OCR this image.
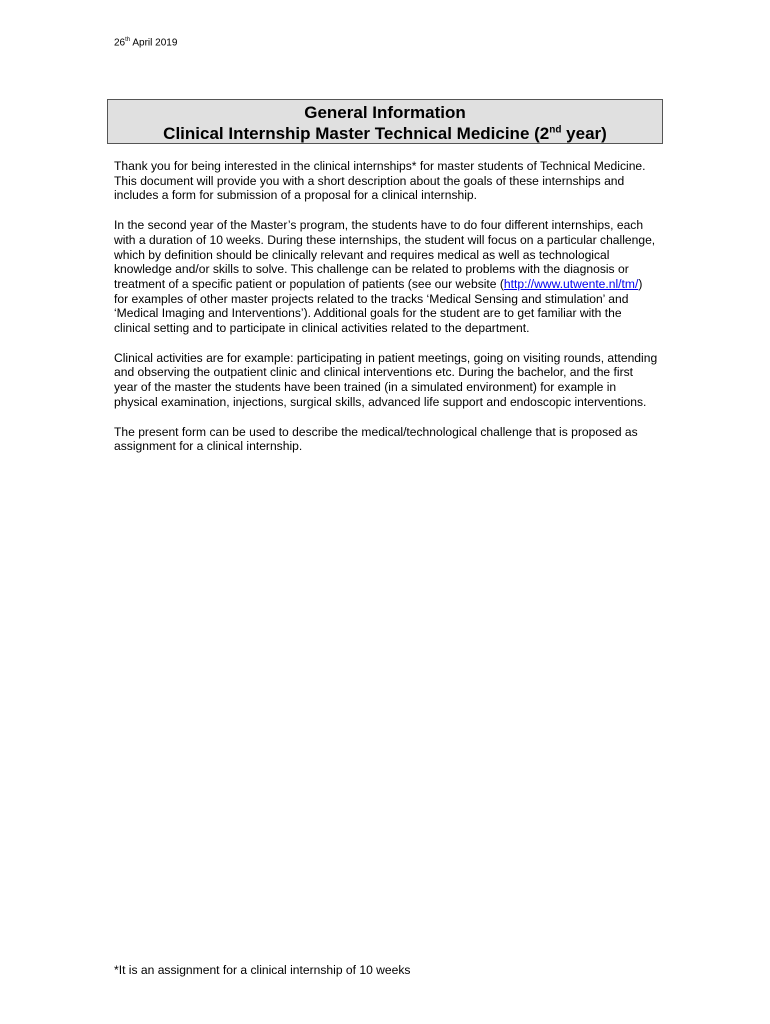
26th April 2019
General Information
Clinical Internship Master Technical Medicine (2nd year)

Thank you for being interested in the clinical internships* for master students of Technical Medicine. This document will provide you with a short description about the goals of these internships and includes a form for submission of a proposal for a clinical internship.

In the second year of the Master’s program, the students have to do four different internships, each with a duration of 10 weeks. During these internships, the student will focus on a particular challenge, which by definition should be clinically relevant and requires medical as well as technological knowledge and/or skills to solve. This challenge can be related to problems with the diagnosis or treatment of a specific patient or population of patients (see our website (http://www.utwente.nl/tm/) for examples of other master projects related to the tracks ‘Medical Sensing and stimulation’ and ‘Medical Imaging and Interventions’). Additional goals for the student are to get familiar with the clinical setting and to participate in clinical activities related to the department.

Clinical activities are for example: participating in patient meetings, going on visiting rounds, attending and observing the outpatient clinic and clinical interventions etc. During the bachelor, and the first year of the master the students have been trained (in a simulated environment) for example in physical examination, injections, surgical skills, advanced life support and endoscopic interventions.

The present form can be used to describe the medical/technological challenge that is proposed as assignment for a clinical internship.

*It is an assignment for a clinical internship of 10 weeks
